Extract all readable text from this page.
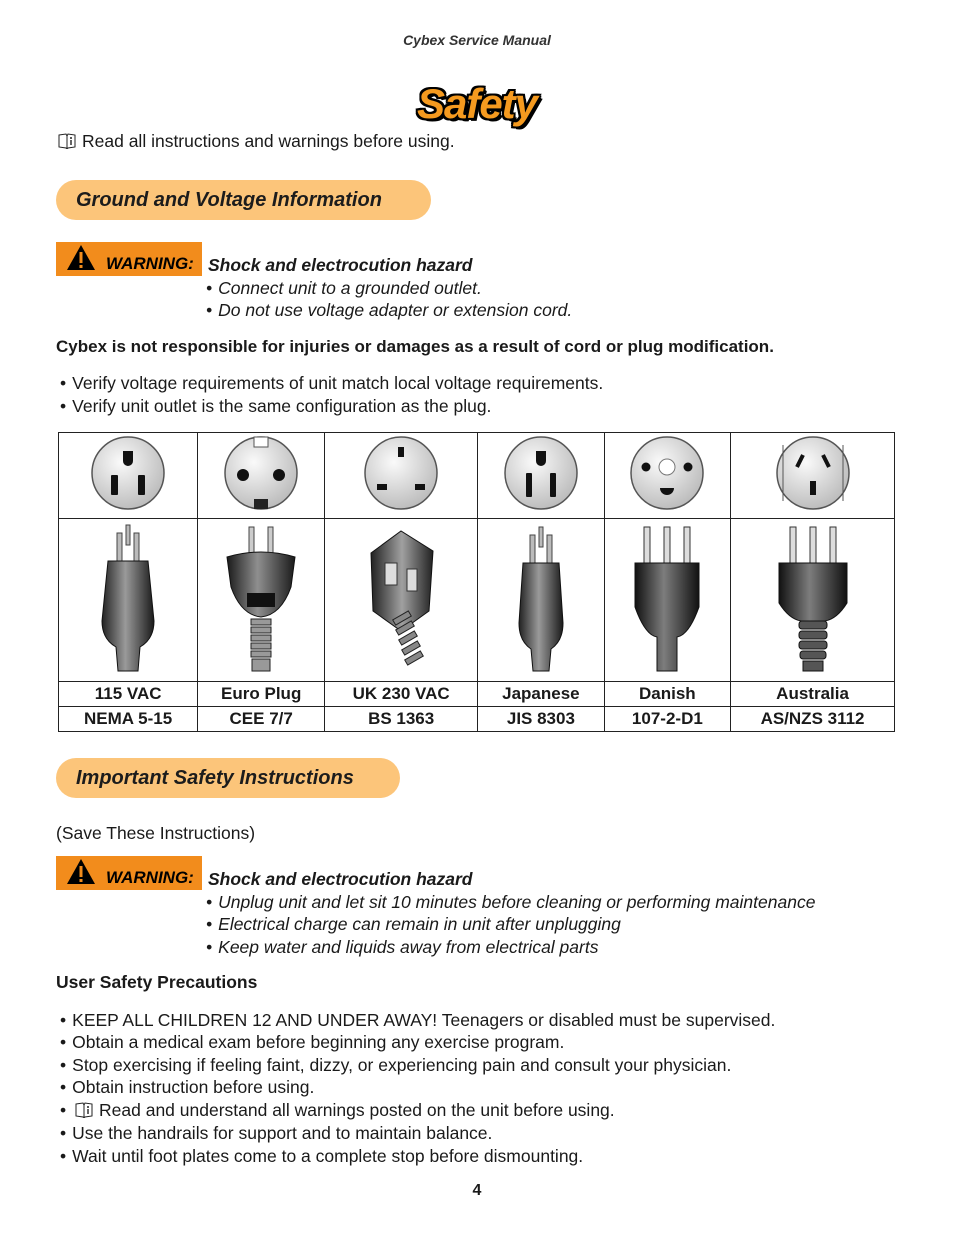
Cybex Service Manual
Safety
Read all instructions and warnings before using.
Ground and Voltage Information
WARNING: Shock and electrocution hazard
• Connect unit to a grounded outlet.
• Do not use voltage adapter or extension cord.
Cybex is not responsible for injuries or damages as a result of cord or plug modification.
• Verify voltage requirements of unit match local voltage requirements.
• Verify unit outlet is the same configuration as the plug.

115 VAC	Euro Plug	UK 230 VAC	Japanese	Danish	Australia
NEMA 5-15	CEE 7/7	BS 1363	JIS 8303	107-2-D1	AS/NZS 3112
Important Safety Instructions
(Save These Instructions)
WARNING: Shock and electrocution hazard
• Unplug unit and let sit 10 minutes before cleaning or performing maintenance
• Electrical charge can remain in unit after unplugging
• Keep water and liquids away from electrical parts
User Safety Precautions
• KEEP ALL CHILDREN 12 AND UNDER AWAY! Teenagers or disabled must be supervised.
• Obtain a medical exam before beginning any exercise program.
• Stop exercising if feeling faint, dizzy, or experiencing pain and consult your physician.
• Obtain instruction before using.
• Read and understand all warnings posted on the unit before using.
• Use the handrails for support and to maintain balance.
• Wait until foot plates come to a complete stop before dismounting.
4
